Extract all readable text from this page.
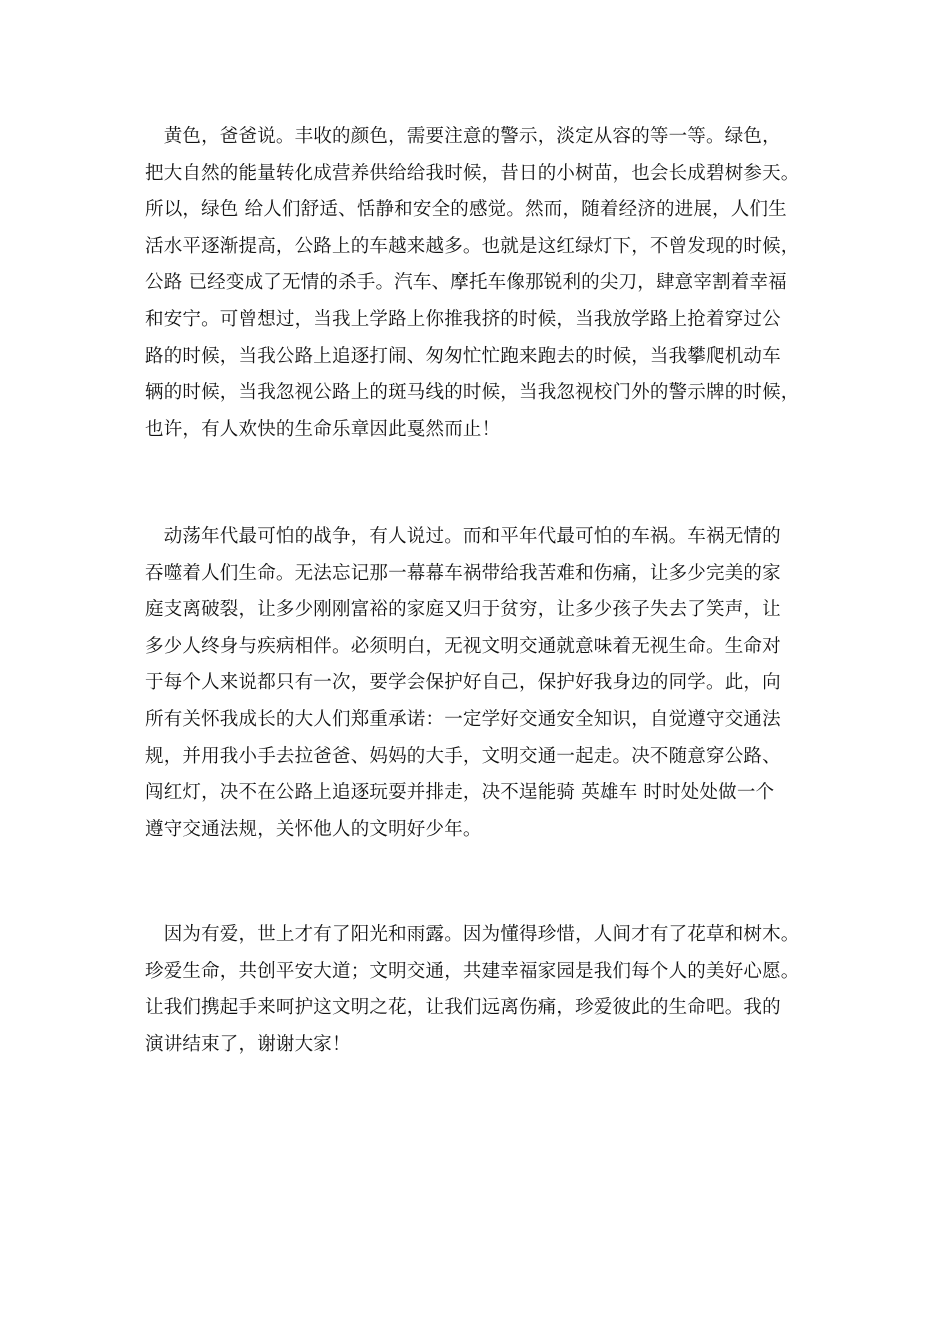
　黄色，爸爸说。丰收的颜色，需要注意的警示，淡定从容的等一等。绿色，
把大自然的能量转化成营养供给给我时候，昔日的小树苗，也会长成碧树参天。
所以，绿色 给人们舒适、恬静和安全的感觉。然而，随着经济的进展，人们生
活水平逐渐提高，公路上的车越来越多。也就是这红绿灯下，不曾发现的时候，
公路 已经变成了无情的杀手。汽车、摩托车像那锐利的尖刀，肆意宰割着幸福
和安宁。可曾想过，当我上学路上你推我挤的时候，当我放学路上抢着穿过公
路的时候，当我公路上追逐打闹、匆匆忙忙跑来跑去的时候，当我攀爬机动车
辆的时候，当我忽视公路上的斑马线的时候，当我忽视校门外的警示牌的时候，
也许，有人欢快的生命乐章因此戛然而止！

　动荡年代最可怕的战争，有人说过。而和平年代最可怕的车祸。车祸无情的
吞噬着人们生命。无法忘记那一幕幕车祸带给我苦难和伤痛，让多少完美的家
庭支离破裂，让多少刚刚富裕的家庭又归于贫穷，让多少孩子失去了笑声，让
多少人终身与疾病相伴。必须明白，无视文明交通就意味着无视生命。生命对
于每个人来说都只有一次，要学会保护好自己，保护好我身边的同学。此，向
所有关怀我成长的大人们郑重承诺：一定学好交通安全知识，自觉遵守交通法
规，并用我小手去拉爸爸、妈妈的大手，文明交通一起走。决不随意穿公路、
闯红灯，决不在公路上追逐玩耍并排走，决不逞能骑 英雄车 时时处处做一个
遵守交通法规，关怀他人的文明好少年。

　因为有爱，世上才有了阳光和雨露。因为懂得珍惜，人间才有了花草和树木。
珍爱生命，共创平安大道；文明交通，共建幸福家园是我们每个人的美好心愿。
让我们携起手来呵护这文明之花，让我们远离伤痛，珍爱彼此的生命吧。我的
演讲结束了，谢谢大家！
